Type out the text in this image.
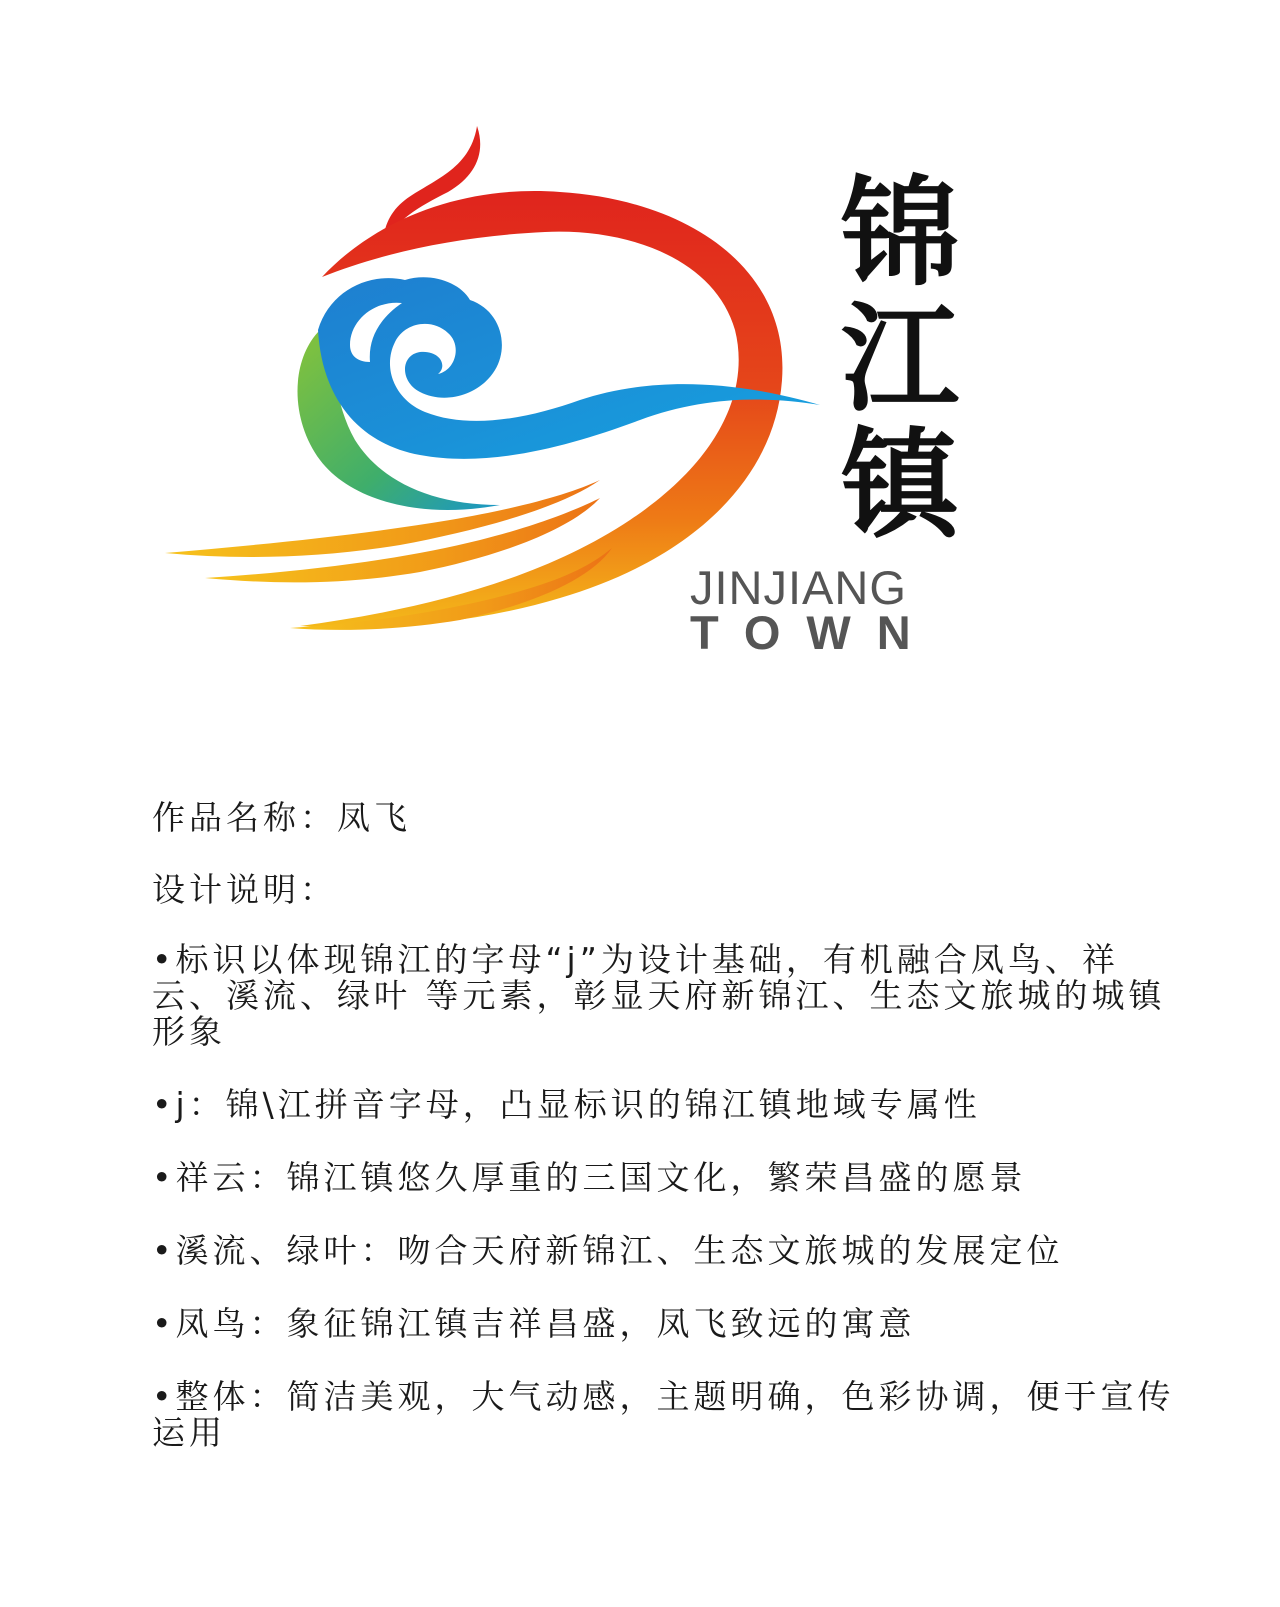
锦
江
镇
JINJIANG
TOWN

作品名称：凤飞

设计说明：

•标识以体现锦江的字母“j”为设计基础，有机融合凤鸟、祥云、溪流、绿叶 等元素，彰显天府新锦江、生态文旅城的城镇形象

•j：锦\江拼音字母，凸显标识的锦江镇地域专属性

•祥云：锦江镇悠久厚重的三国文化，繁荣昌盛的愿景

•溪流、绿叶：吻合天府新锦江、生态文旅城的发展定位

•凤鸟：象征锦江镇吉祥昌盛，凤飞致远的寓意

•整体：简洁美观，大气动感，主题明确，色彩协调，便于宣传运用
